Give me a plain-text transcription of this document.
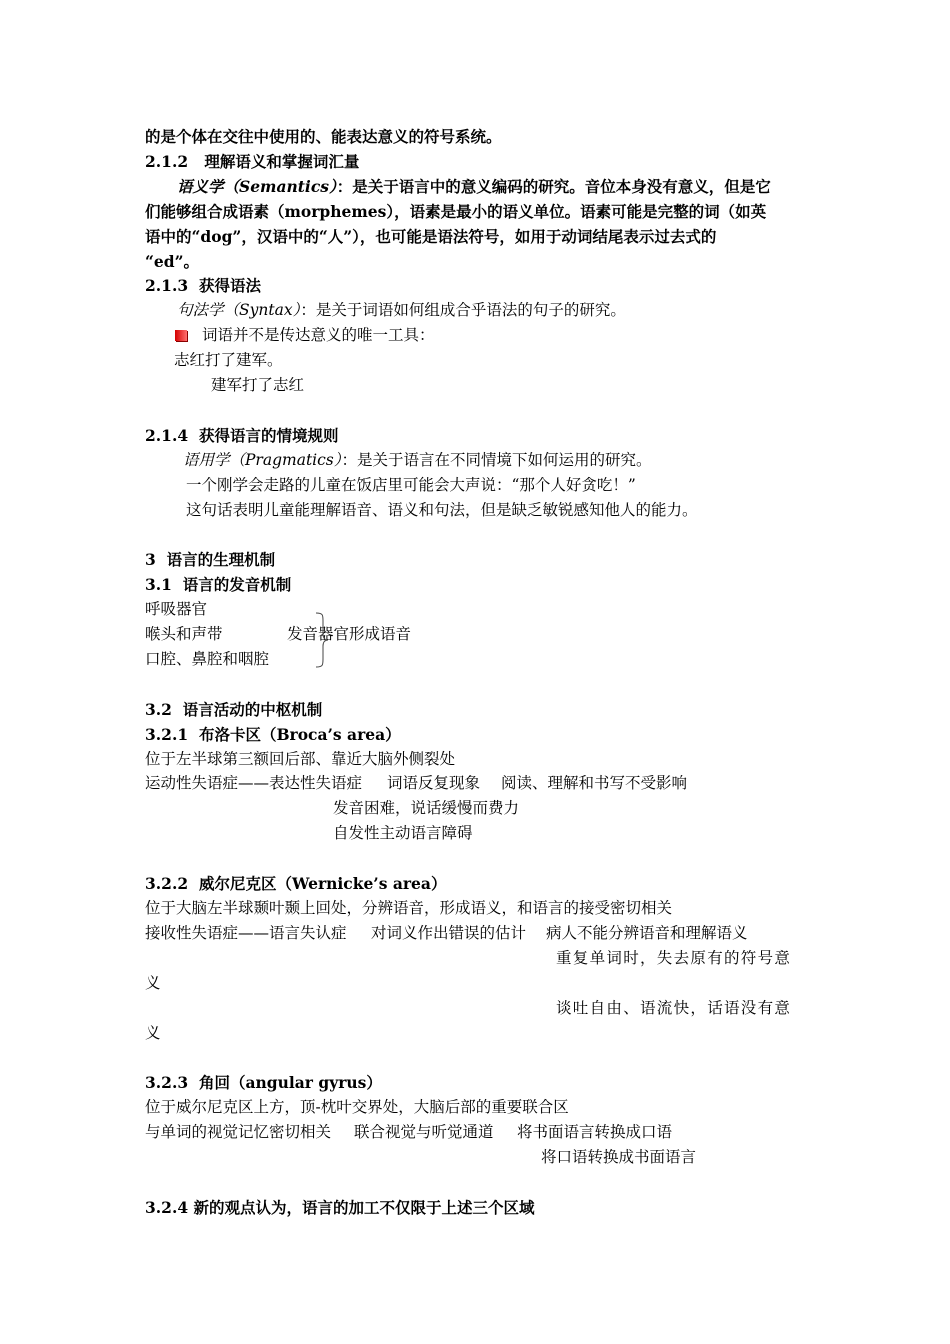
的是个体在交往中使用的、能表达意义的符号系统。
2.1.2 理解语义和掌握词汇量
语义学（Semantics）：是关于语言中的意义编码的研究。音位本身没有意义，但是它
们能够组合成语素（morphemes），语素是最小的语义单位。语素可能是完整的词（如英
语中的“dog”，汉语中的“人”），也可能是语法符号，如用于动词结尾表示过去式的
“ed”。
2.1.3 获得语法
句法学（Syntax）：是关于词语如何组成合乎语法的句子的研究。
词语并不是传达意义的唯一工具：
志红打了建军。
建军打了志红
2.1.4 获得语言的情境规则
语用学（Pragmatics）：是关于语言在不同情境下如何运用的研究。
一个刚学会走路的儿童在饭店里可能会大声说：“那个人好贪吃！”
这句话表明儿童能理解语音、语义和句法，但是缺乏敏锐感知他人的能力。
3  语言的生理机制
3.1  语言的发音机制
呼吸器官
喉头和声带	发音器官形成语音
口腔、鼻腔和咽腔
3.2  语言活动的中枢机制
3.2.1  布洛卡区（Broca’s area）
位于左半球第三额回后部、靠近大脑外侧裂处
运动性失语症——表达性失语症 词语反复现象 阅读、理解和书写不受影响
发音困难，说话缓慢而费力
自发性主动语言障碍
3.2.2  威尔尼克区（Wernicke’s area）
位于大脑左半球颞叶颞上回处，分辨语音，形成语义，和语言的接受密切相关
接收性失语症——语言失认症 对词义作出错误的估计 病人不能分辨语音和理解语义
重复单词时，失去原有的符号意
义
谈吐自由、语流快，话语没有意
义
3.2.3  角回（angular gyrus）
位于威尔尼克区上方，顶-枕叶交界处，大脑后部的重要联合区
与单词的视觉记忆密切相关 联合视觉与听觉通道 将书面语言转换成口语
将口语转换成书面语言
3.2.4 新的观点认为，语言的加工不仅限于上述三个区域
